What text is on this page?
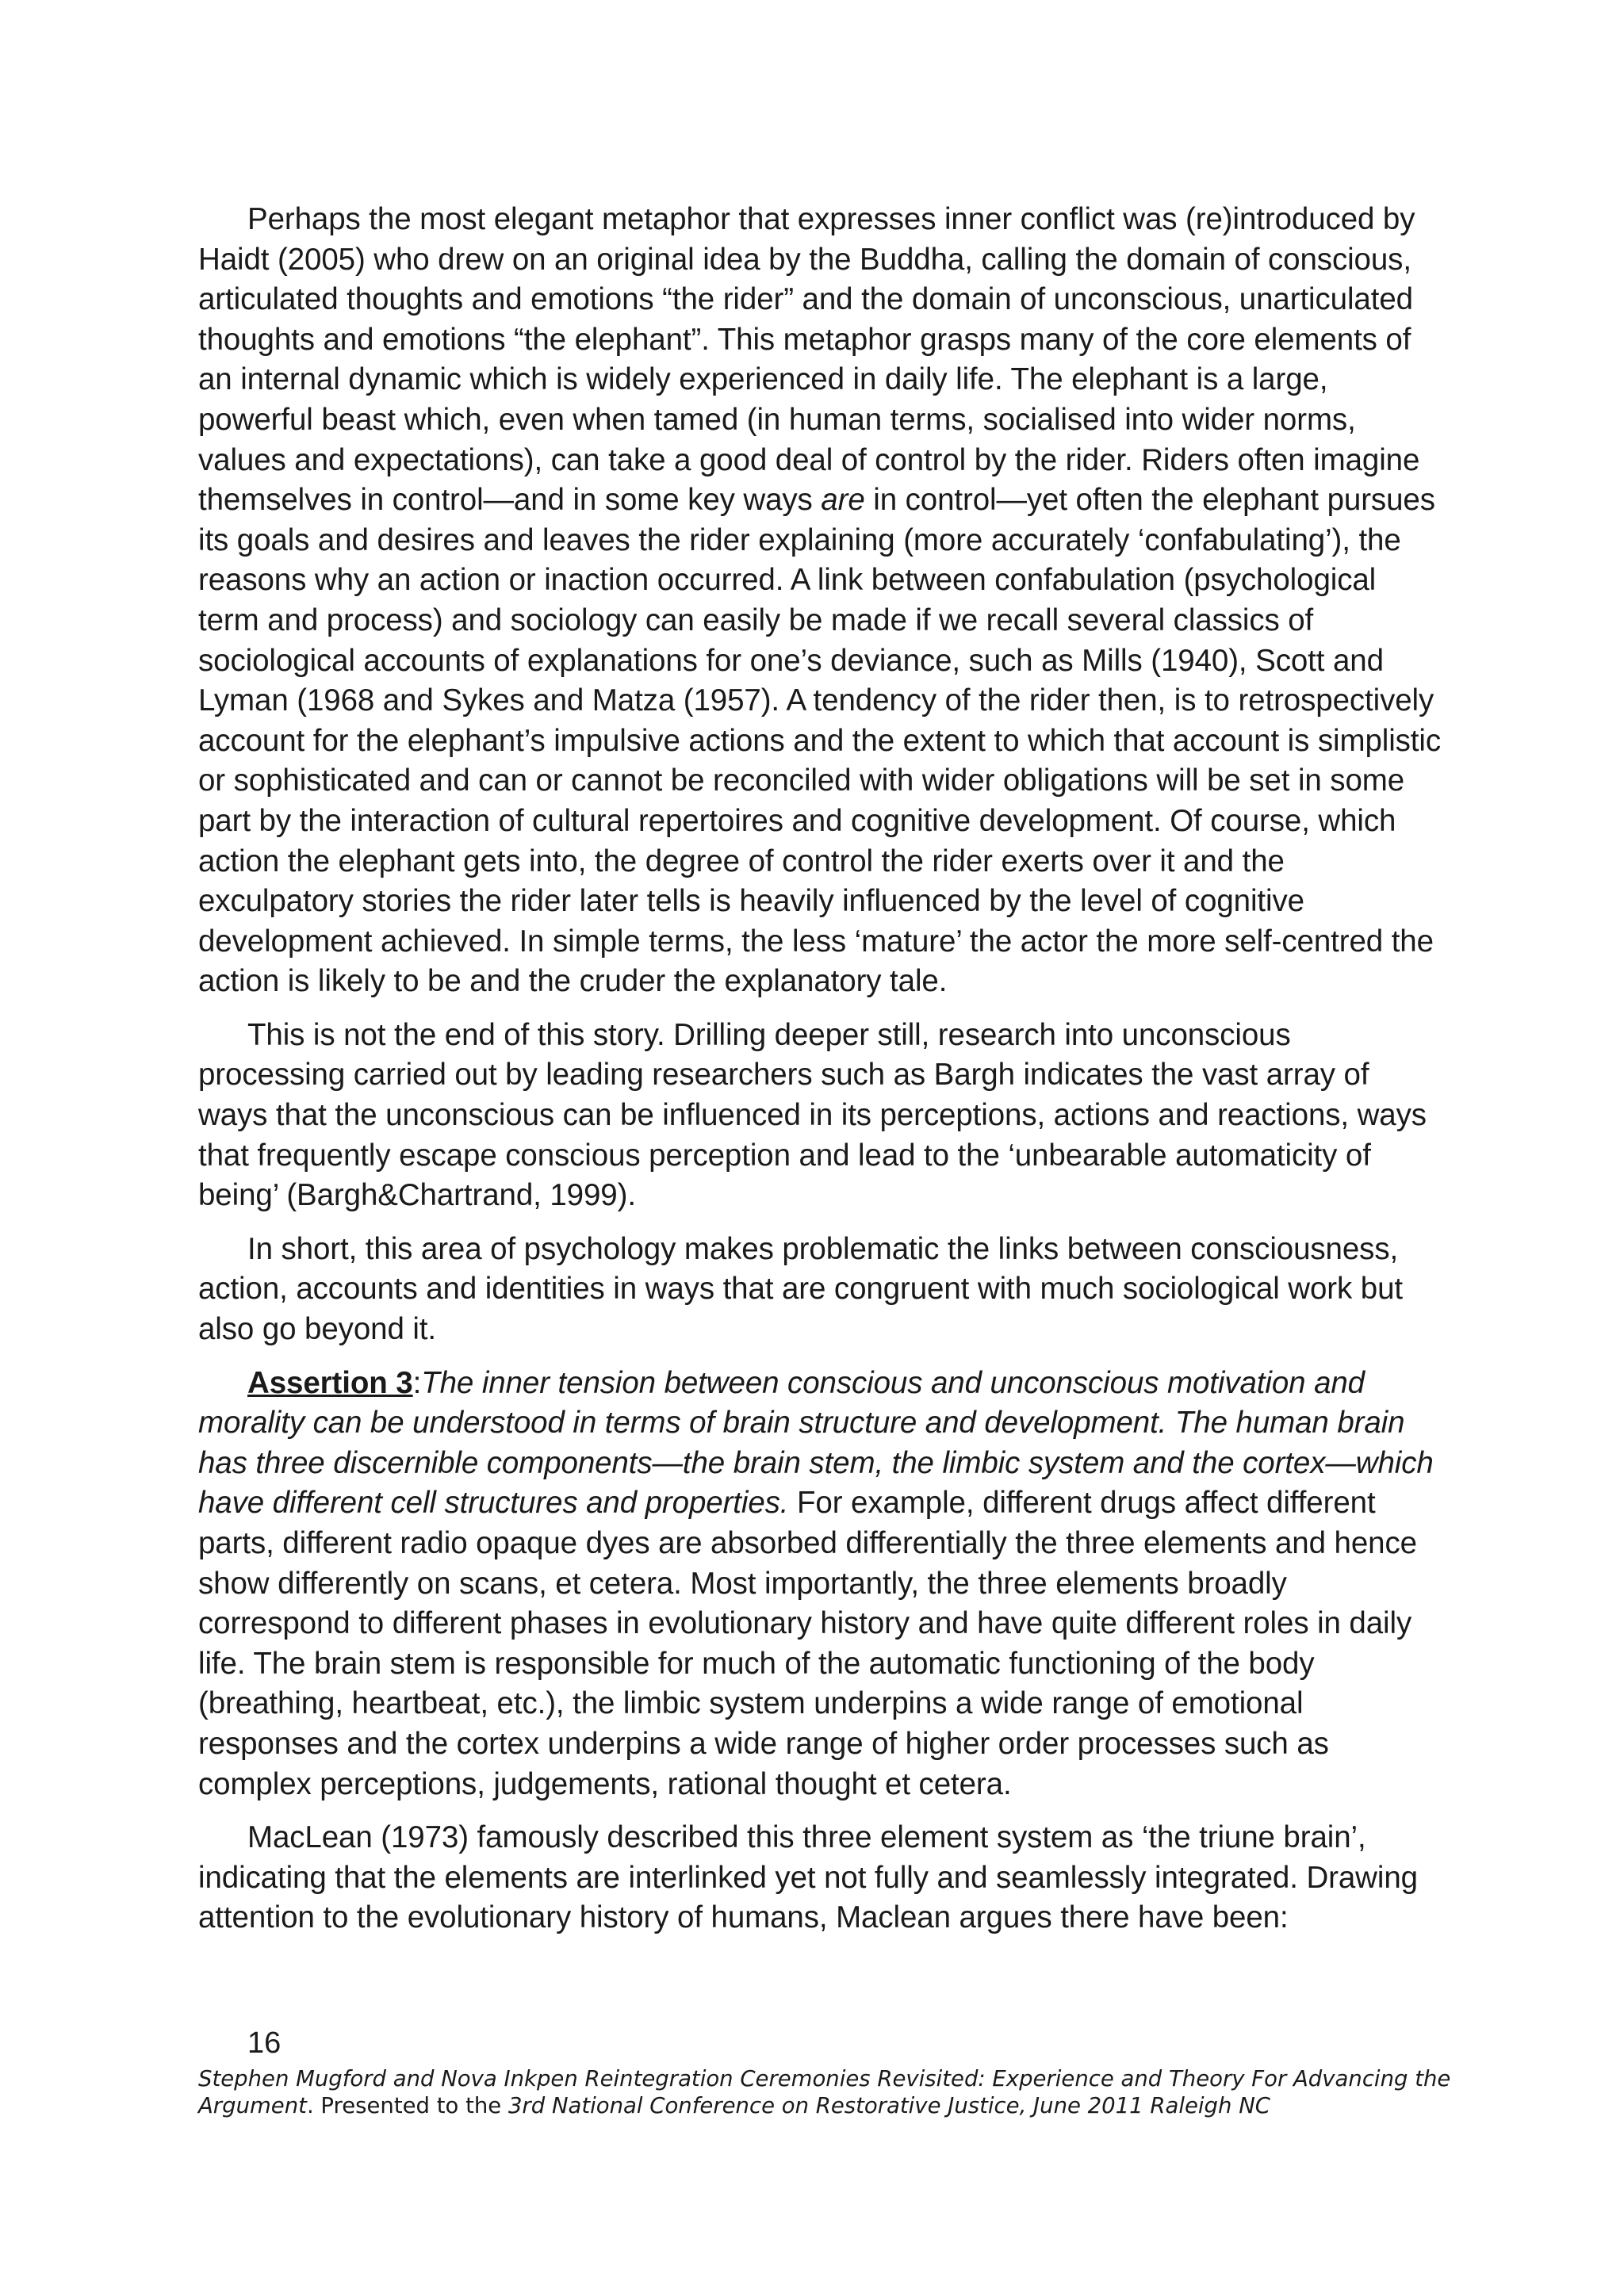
Perhaps the most elegant metaphor that expresses inner conflict was (re)introduced by Haidt (2005) who drew on an original idea by the Buddha, calling the domain of conscious, articulated thoughts and emotions “the rider” and the domain of unconscious, unarticulated thoughts and emotions “the elephant”. This metaphor grasps many of the core elements of an internal dynamic which is widely experienced in daily life. The elephant is a large, powerful beast which, even when tamed (in human terms, socialised into wider norms, values and expectations), can take a good deal of control by the rider. Riders often imagine themselves in control—and in some key ways are in control—yet often the elephant pursues its goals and desires and leaves the rider explaining (more accurately ‘confabulating’), the reasons why an action or inaction occurred. A link between confabulation (psychological term and process) and sociology can easily be made if we recall several classics of sociological accounts of explanations for one’s deviance, such as Mills (1940), Scott and Lyman (1968 and Sykes and Matza (1957). A tendency of the rider then, is to retrospectively account for the elephant’s impulsive actions and the extent to which that account is simplistic or sophisticated and can or cannot be reconciled with wider obligations will be set in some part by the interaction of cultural repertoires and cognitive development. Of course, which action the elephant gets into, the degree of control the rider exerts over it and the exculpatory stories the rider later tells is heavily influenced by the level of cognitive development achieved. In simple terms, the less ‘mature’ the actor the more self-centred the action is likely to be and the cruder the explanatory tale.

This is not the end of this story. Drilling deeper still, research into unconscious processing carried out by leading researchers such as Bargh indicates the vast array of ways that the unconscious can be influenced in its perceptions, actions and reactions, ways that frequently escape conscious perception and lead to the ‘unbearable automaticity of being’ (Bargh&Chartrand, 1999).

In short, this area of psychology makes problematic the links between consciousness, action, accounts and identities in ways that are congruent with much sociological work but also go beyond it.

Assertion 3:The inner tension between conscious and unconscious motivation and morality can be understood in terms of brain structure and development. The human brain has three discernible components—the brain stem, the limbic system and the cortex—which have different cell structures and properties. For example, different drugs affect different parts, different radio opaque dyes are absorbed differentially the three elements and hence show differently on scans, et cetera. Most importantly, the three elements broadly correspond to different phases in evolutionary history and have quite different roles in daily life. The brain stem is responsible for much of the automatic functioning of the body (breathing, heartbeat, etc.), the limbic system underpins a wide range of emotional responses and the cortex underpins a wide range of higher order processes such as complex perceptions, judgements, rational thought et cetera.

MacLean (1973) famously described this three element system as ‘the triune brain’, indicating that the elements are interlinked yet not fully and seamlessly integrated. Drawing attention to the evolutionary history of humans, Maclean argues there have been:

16
Stephen Mugford and Nova Inkpen Reintegration Ceremonies Revisited: Experience and Theory For Advancing the Argument. Presented to the 3rd National Conference on Restorative Justice, June 2011 Raleigh NC
